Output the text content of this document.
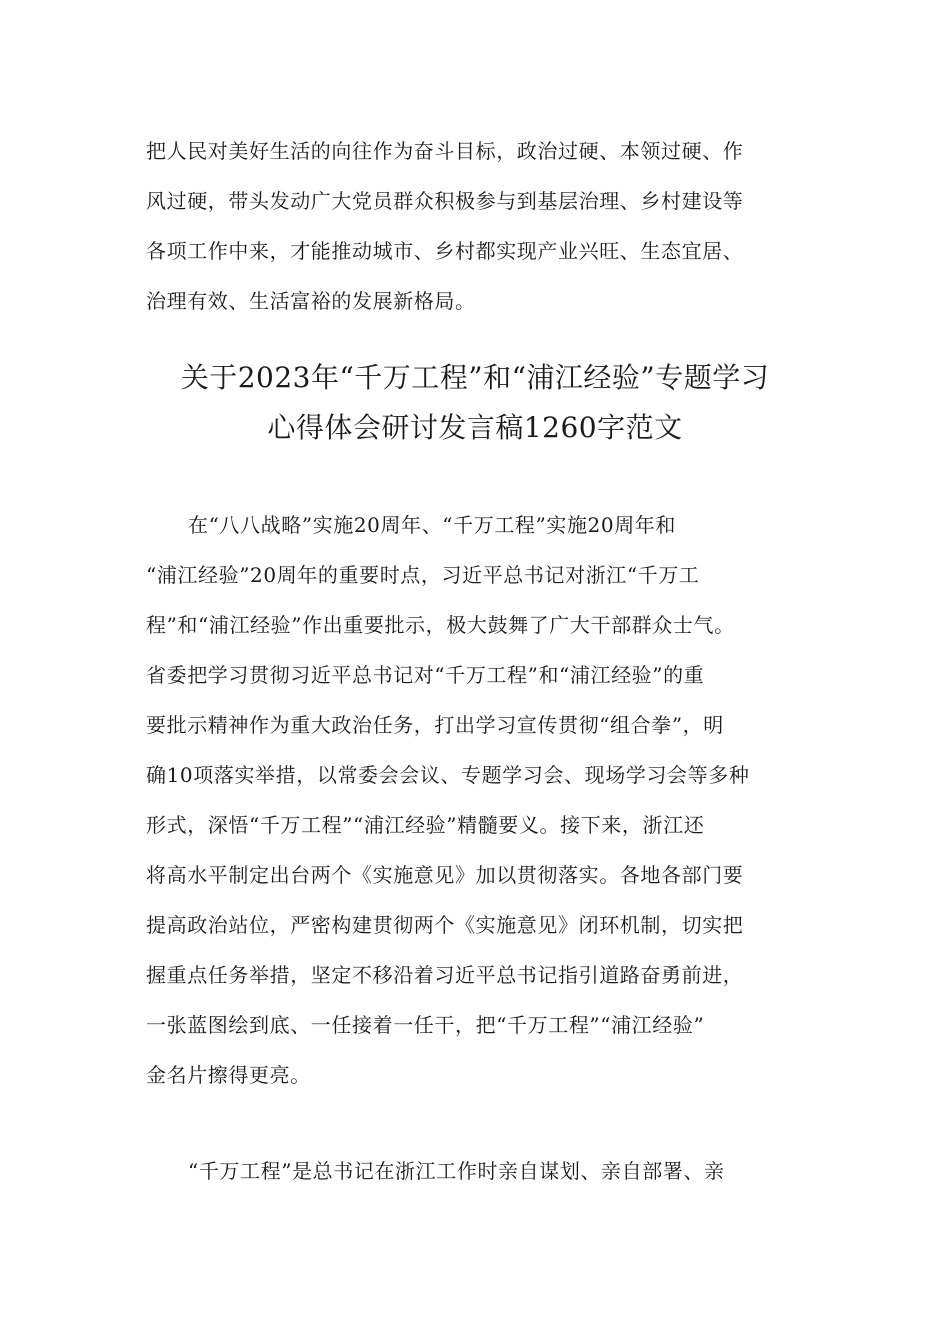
把人民对美好生活的向往作为奋斗目标，政治过硬、本领过硬、作
风过硬，带头发动广大党员群众积极参与到基层治理、乡村建设等
各项工作中来，才能推动城市、乡村都实现产业兴旺、生态宜居、
治理有效、生活富裕的发展新格局。
关于2023年“千万工程”和“浦江经验”专题学习
心得体会研讨发言稿1260字范文
在“八八战略”实施20周年、“千万工程”实施20周年和
“浦江经验”20周年的重要时点，习近平总书记对浙江“千万工
程”和“浦江经验”作出重要批示，极大鼓舞了广大干部群众士气。
省委把学习贯彻习近平总书记对“千万工程”和“浦江经验”的重
要批示精神作为重大政治任务，打出学习宣传贯彻“组合拳”，明
确10项落实举措，以常委会会议、专题学习会、现场学习会等多种
形式，深悟“千万工程”“浦江经验”精髓要义。接下来，浙江还
将高水平制定出台两个《实施意见》加以贯彻落实。各地各部门要
提高政治站位，严密构建贯彻两个《实施意见》闭环机制，切实把
握重点任务举措，坚定不移沿着习近平总书记指引道路奋勇前进，
一张蓝图绘到底、一任接着一任干，把“千万工程”“浦江经验”
金名片擦得更亮。
“千万工程”是总书记在浙江工作时亲自谋划、亲自部署、亲
